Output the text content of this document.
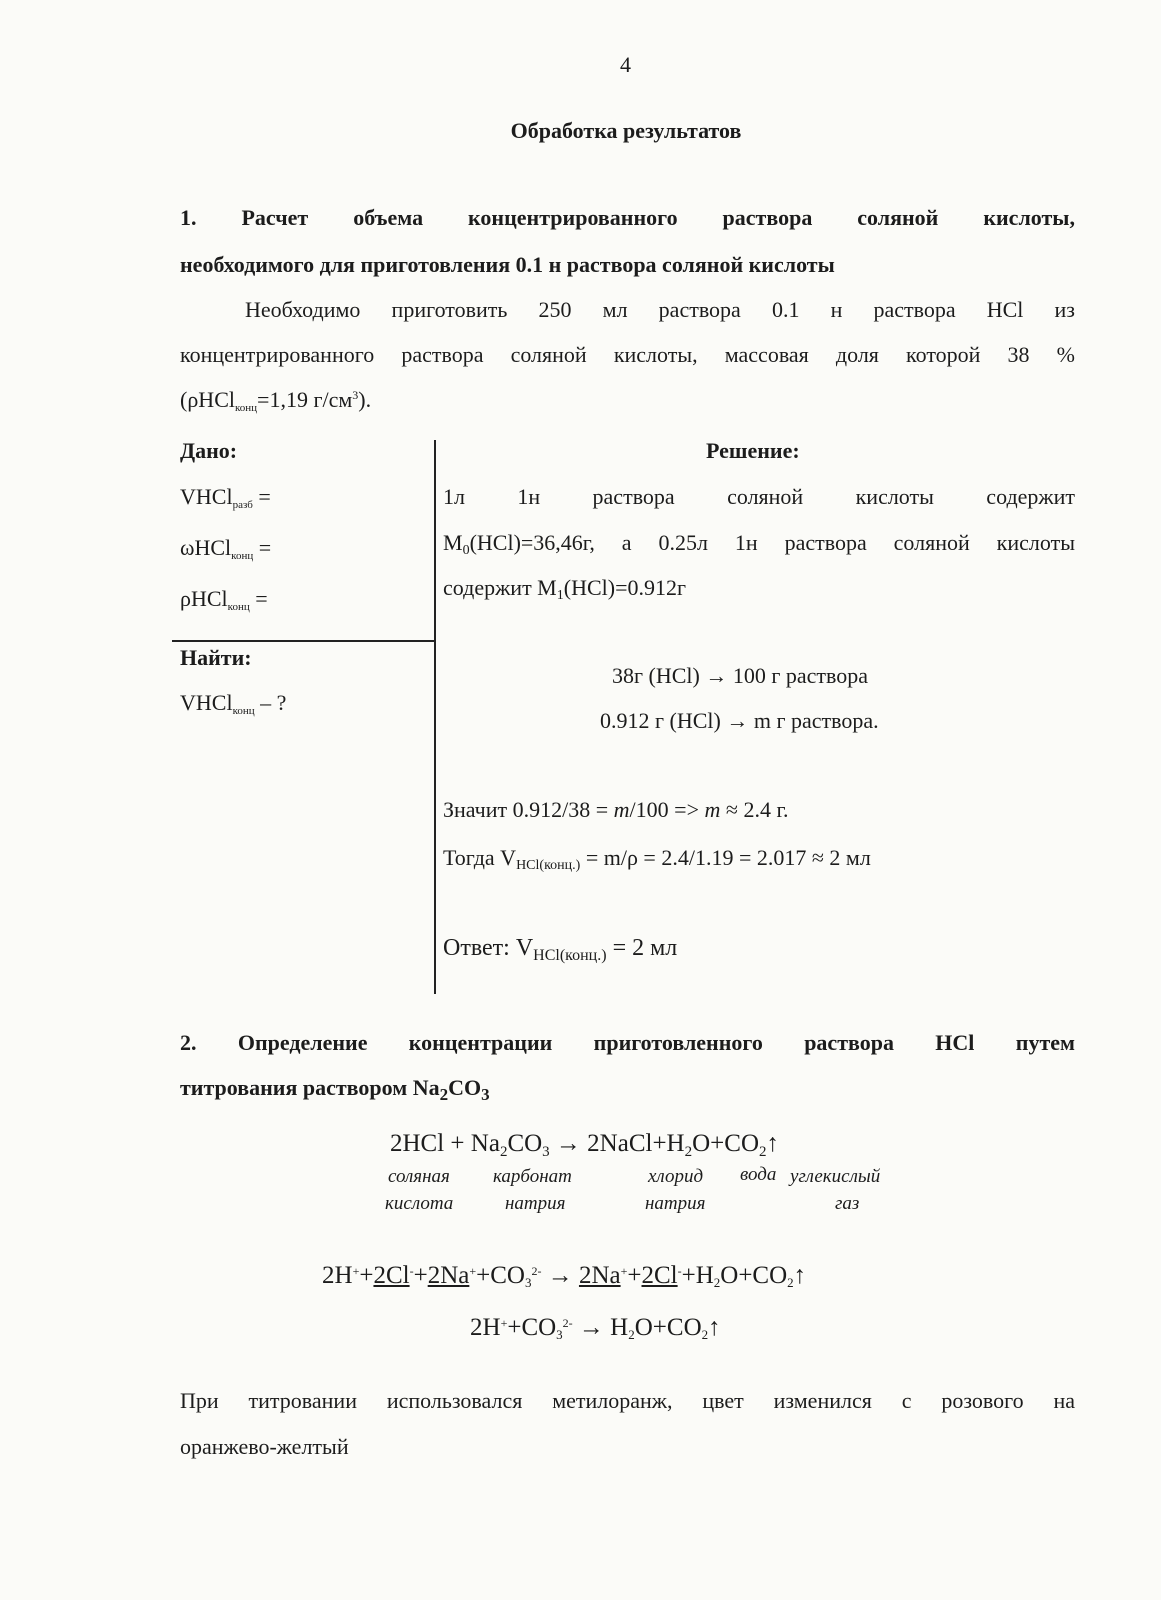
4
Обработка результатов
1. Расчет объема концентрированного раствора соляной кислоты,
необходимого для приготовления 0.1 н раствора соляной кислоты
Необходимо приготовить 250 мл раствора 0.1 н раствора HCl из
концентрированного раствора соляной кислоты, массовая доля которой 38 %
(ρHCl$_{конц}$=1,19 $г/см^3$).
Дано:
VHCl$_{разб}$ =
ωHCl$_{конц}$ =
ρHCl$_{конц}$ =
Найти:
VHCl$_{конц}$ – ?
Решение:
1л 1н раствора соляной кислоты содержит
$M_0(HCl)=36,46г$, а 0.25л 1н раствора соляной кислоты
содержит $M_1(HCl)=0.912г$
38г (HCl) → 100 г раствора
0.912 г (HCl) → m г раствора.
Значит 0.912/38 = m/100 => m ≈ 2.4 г.
Тогда $V_{HCl(конц.)} = m/\rho = 2.4/1.19 = 2.017 \approx 2$ мл
Ответ: $V_{HCl(конц.)} = 2$ мл
2. Определение концентрации приготовленного раствора HCl путем
титрования раствором $Na_2CO_3$
$2HCl + Na_2CO_3$ → $2NaCl+H_2O+CO_2↑$
соляная
кислота
карбонат
натрия
хлорид
натрия
вода углекислый
газ
$2H^++2Cl^-+2Na^++CO_3^{2-}$ → $2Na^++2Cl^-+H_2O+CO_2↑$
$2H^++CO_3^{2-}$ → $H_2O+CO_2↑$
При титровании использовался метилоранж, цвет изменился с розового на
оранжево-желтый
